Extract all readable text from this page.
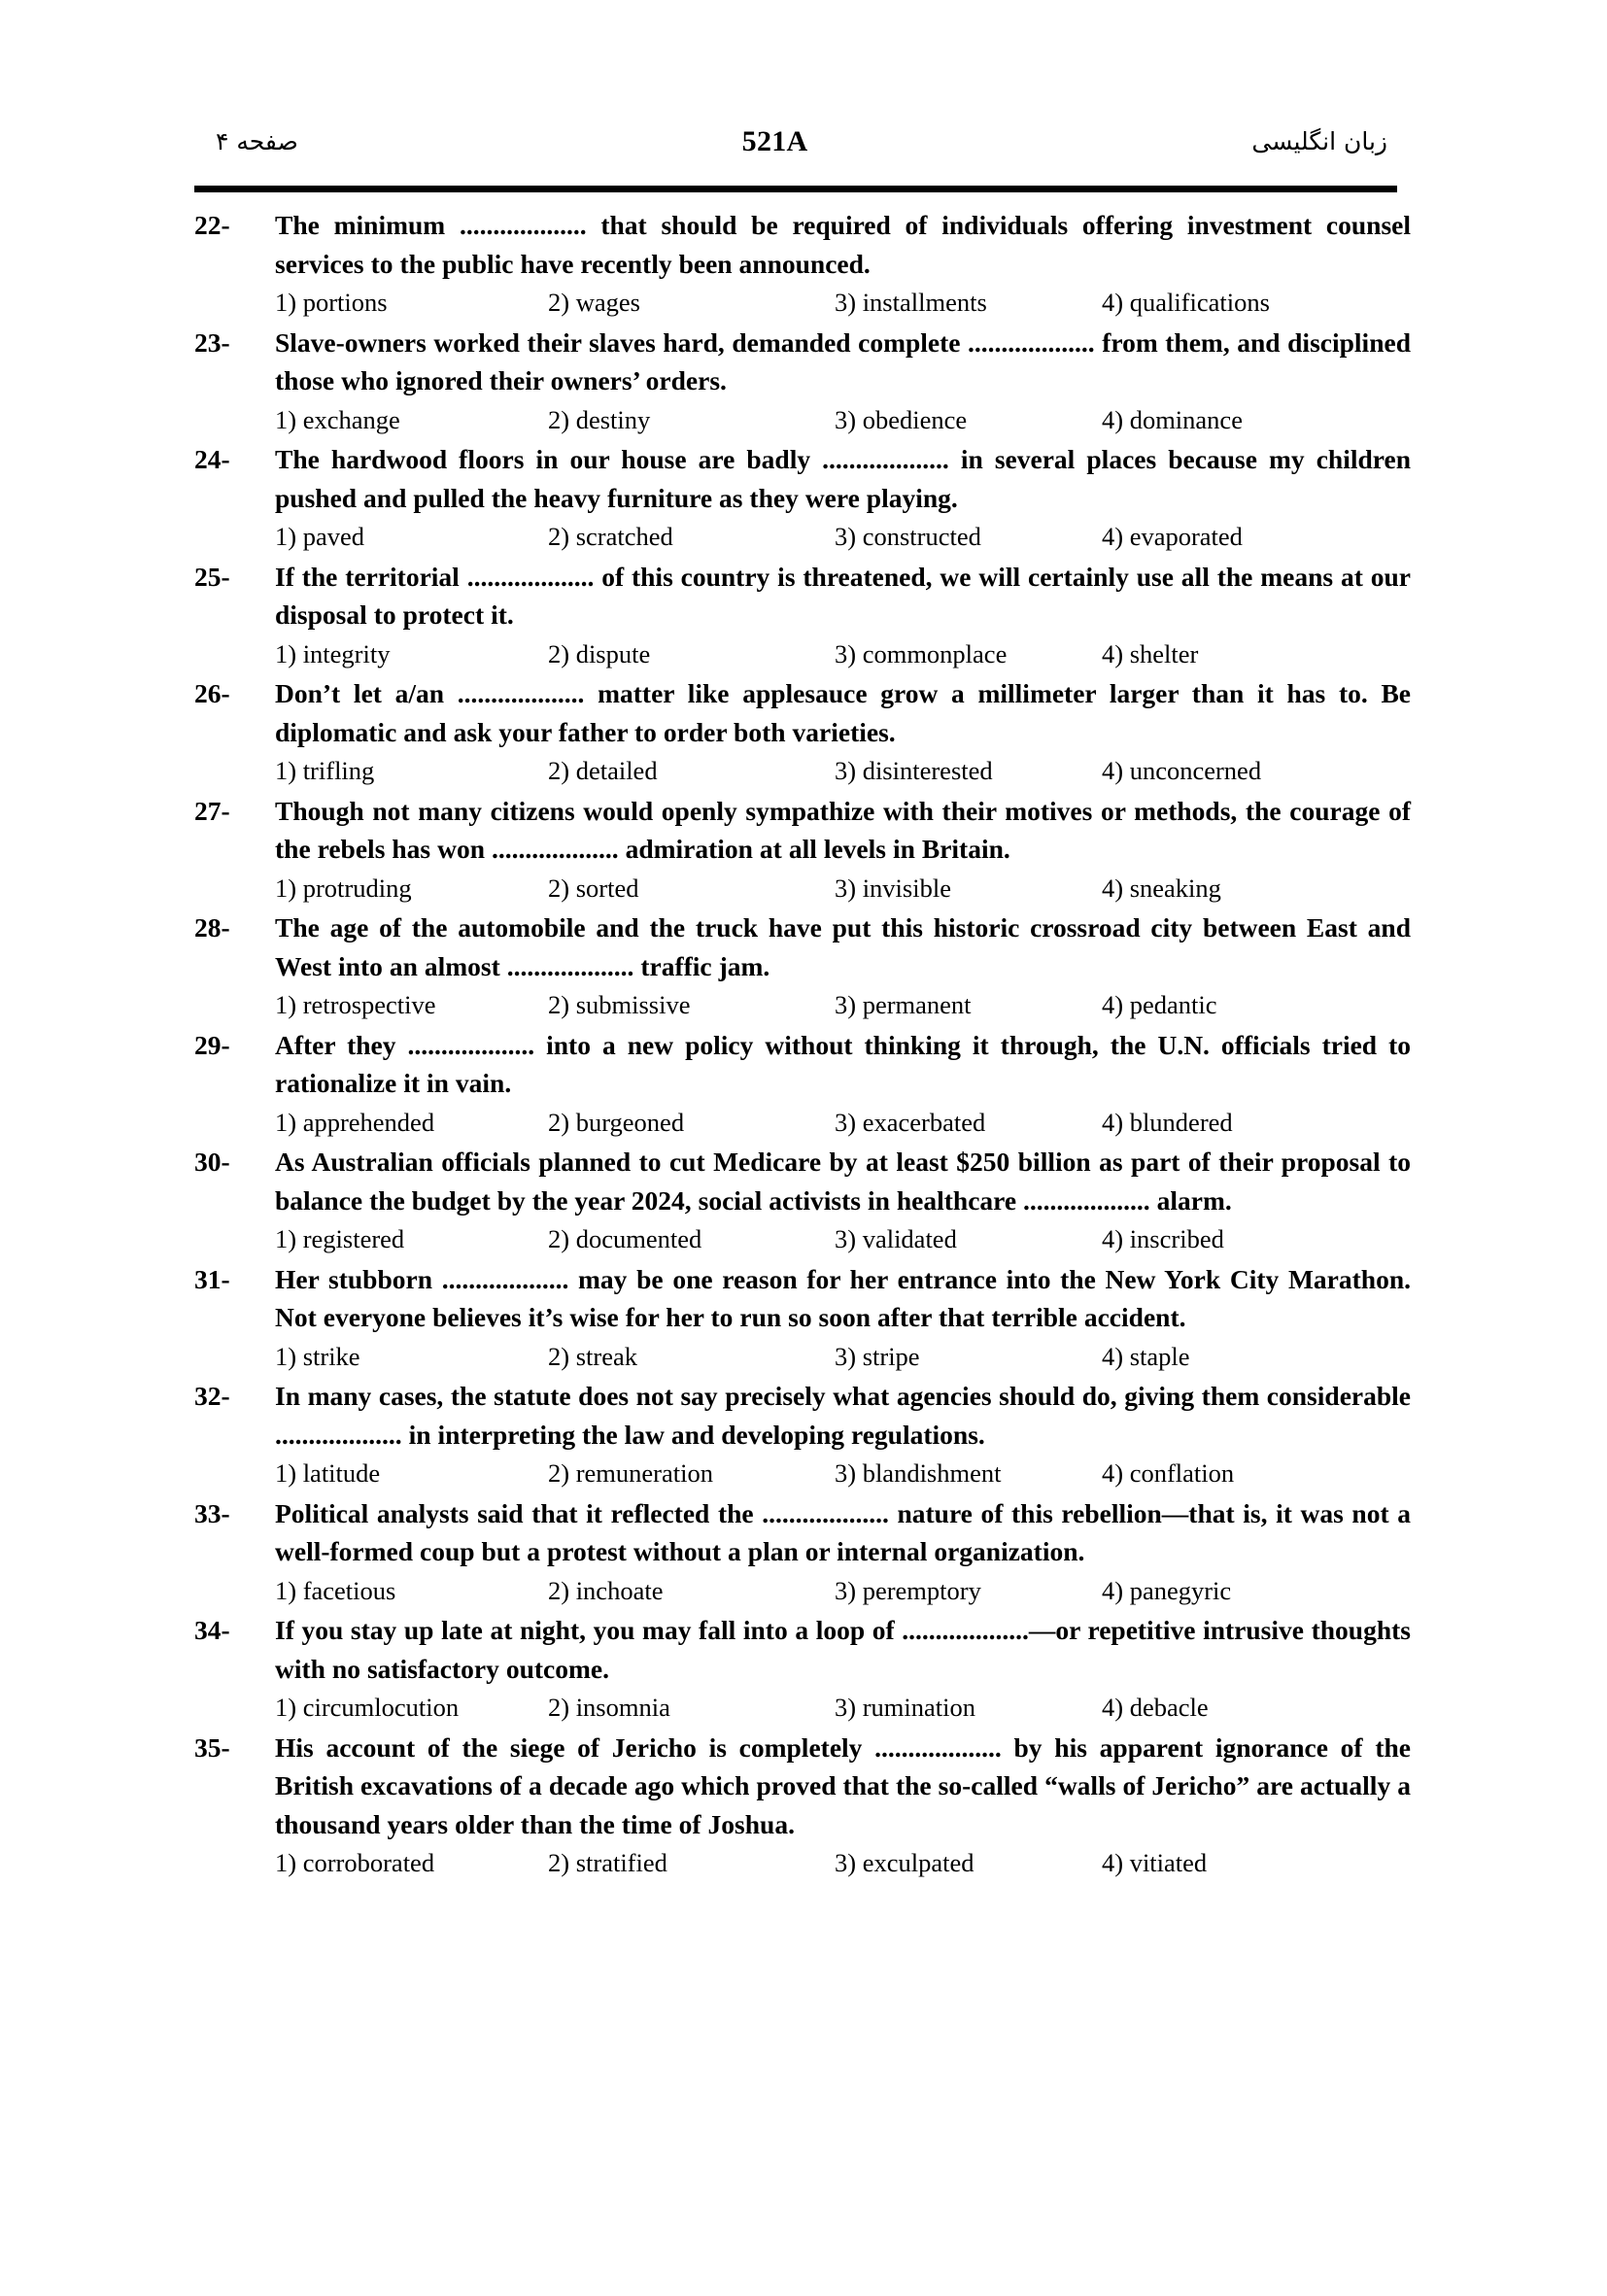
صفحه ۴	521A	زبان انگلیسی
22-	The minimum ................... that should be required of individuals offering investment counsel services to the public have recently been announced.
1) portions	2) wages	3) installments	4) qualifications
23-	Slave-owners worked their slaves hard, demanded complete ................... from them, and disciplined those who ignored their owners’ orders.
1) exchange	2) destiny	3) obedience	4) dominance
24-	The hardwood floors in our house are badly ................... in several places because my children pushed and pulled the heavy furniture as they were playing.
1) paved	2) scratched	3) constructed	4) evaporated
25-	If the territorial ................... of this country is threatened, we will certainly use all the means at our disposal to protect it.
1) integrity	2) dispute	3) commonplace	4) shelter
26-	Don’t let a/an ................... matter like applesauce grow a millimeter larger than it has to. Be diplomatic and ask your father to order both varieties.
1) trifling	2) detailed	3) disinterested	4) unconcerned
27-	Though not many citizens would openly sympathize with their motives or methods, the courage of the rebels has won ................... admiration at all levels in Britain.
1) protruding	2) sorted	3) invisible	4) sneaking
28-	The age of the automobile and the truck have put this historic crossroad city between East and West into an almost ................... traffic jam.
1) retrospective	2) submissive	3) permanent	4) pedantic
29-	After they ................... into a new policy without thinking it through, the U.N. officials tried to rationalize it in vain.
1) apprehended	2) burgeoned	3) exacerbated	4) blundered
30-	As Australian officials planned to cut Medicare by at least $250 billion as part of their proposal to balance the budget by the year 2024, social activists in healthcare ................... alarm.
1) registered	2) documented	3) validated	4) inscribed
31-	Her stubborn ................... may be one reason for her entrance into the New York City Marathon. Not everyone believes it’s wise for her to run so soon after that terrible accident.
1) strike	2) streak	3) stripe	4) staple
32-	In many cases, the statute does not say precisely what agencies should do, giving them considerable ................... in interpreting the law and developing regulations.
1) latitude	2) remuneration	3) blandishment	4) conflation
33-	Political analysts said that it reflected the ................... nature of this rebellion—that is, it was not a well-formed coup but a protest without a plan or internal organization.
1) facetious	2) inchoate	3) peremptory	4) panegyric
34-	If you stay up late at night, you may fall into a loop of ...................—or repetitive intrusive thoughts with no satisfactory outcome.
1) circumlocution	2) insomnia	3) rumination	4) debacle
35-	His account of the siege of Jericho is completely ................... by his apparent ignorance of the British excavations of a decade ago which proved that the so-called “walls of Jericho” are actually a thousand years older than the time of Joshua.
1) corroborated	2) stratified	3) exculpated	4) vitiated
